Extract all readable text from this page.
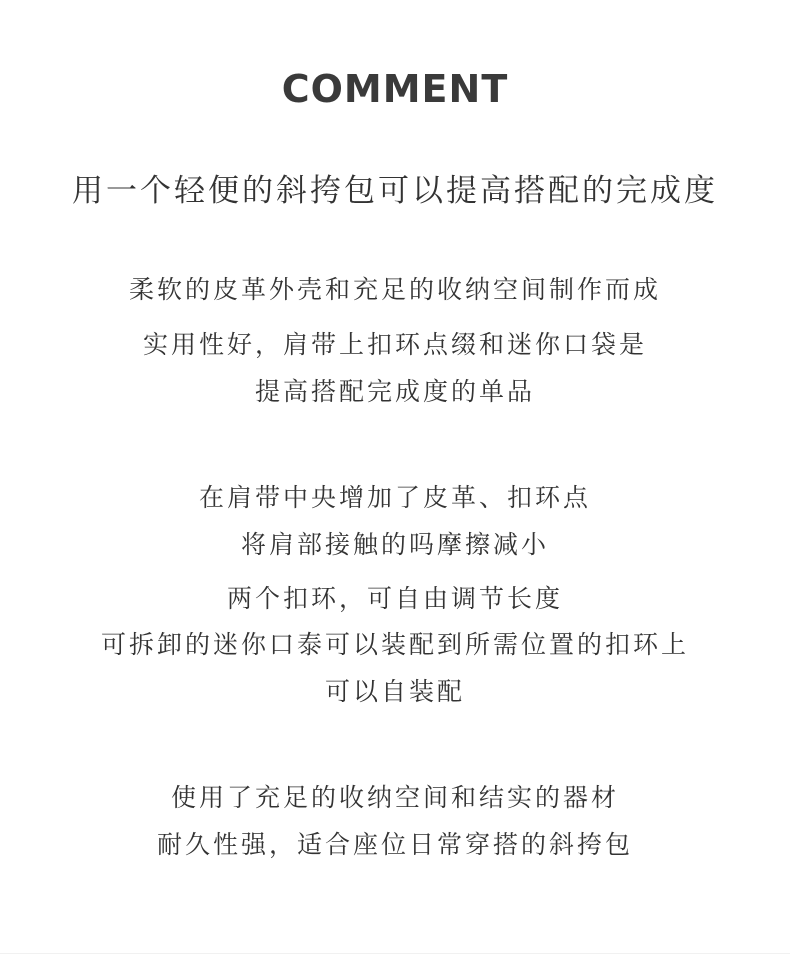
COMMENT
用一个轻便的斜挎包可以提高搭配的完成度
柔软的皮革外壳和充足的收纳空间制作而成
实用性好，肩带上扣环点缀和迷你口袋是
提高搭配完成度的单品
在肩带中央增加了皮革、扣环点
将肩部接触的吗摩擦减小
两个扣环，可自由调节长度
可拆卸的迷你口泰可以装配到所需位置的扣环上
可以自装配
使用了充足的收纳空间和结实的器材
耐久性强，适合座位日常穿搭的斜挎包
